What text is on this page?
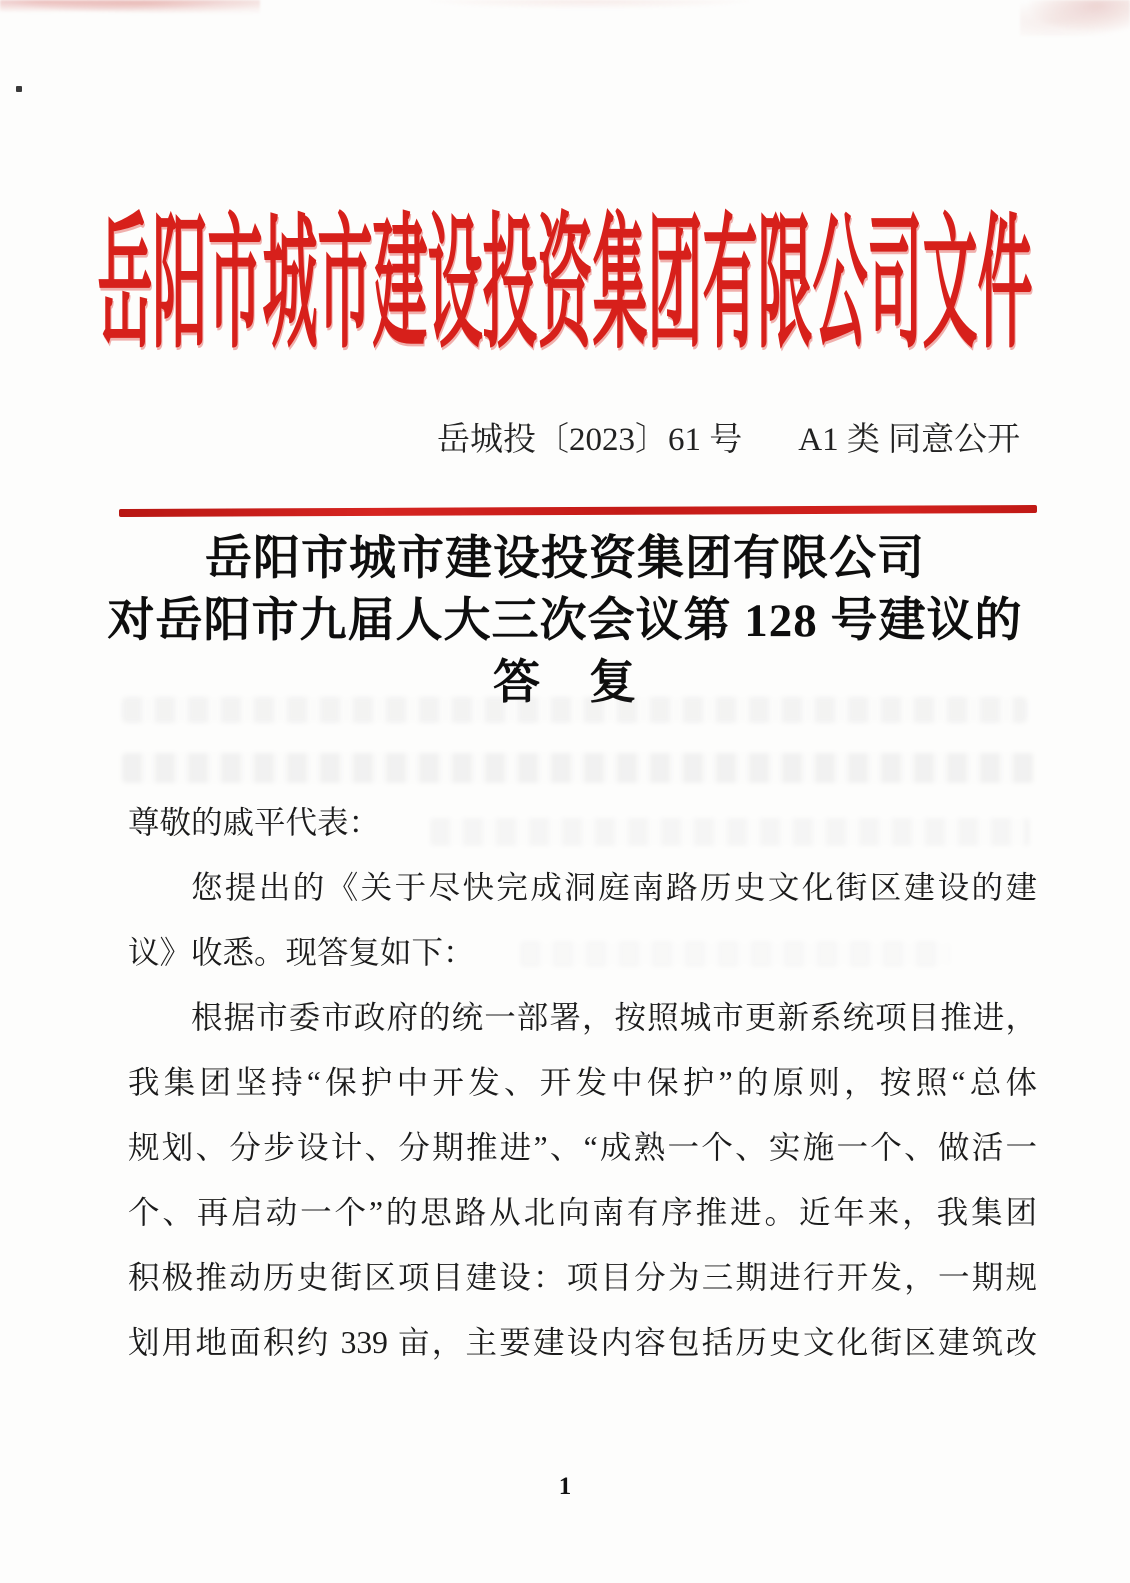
岳阳市城市建设投资集团有限公司文件
岳城投〔2023〕61 号 A1 类 同意公开
岳阳市城市建设投资集团有限公司
对岳阳市九届人大三次会议第 128 号建议的
答　复
尊敬的戚平代表：
您提出的《关于尽快完成洞庭南路历史文化街区建设的建
议》收悉。现答复如下：
根据市委市政府的统一部署，按照城市更新系统项目推进，
我集团坚持“保护中开发、开发中保护”的原则，按照“总体
规划、分步设计、分期推进”、“成熟一个、实施一个、做活一
个、再启动一个”的思路从北向南有序推进。近年来，我集团
积极推动历史街区项目建设：项目分为三期进行开发，一期规
划用地面积约 339 亩，主要建设内容包括历史文化街区建筑改
1
